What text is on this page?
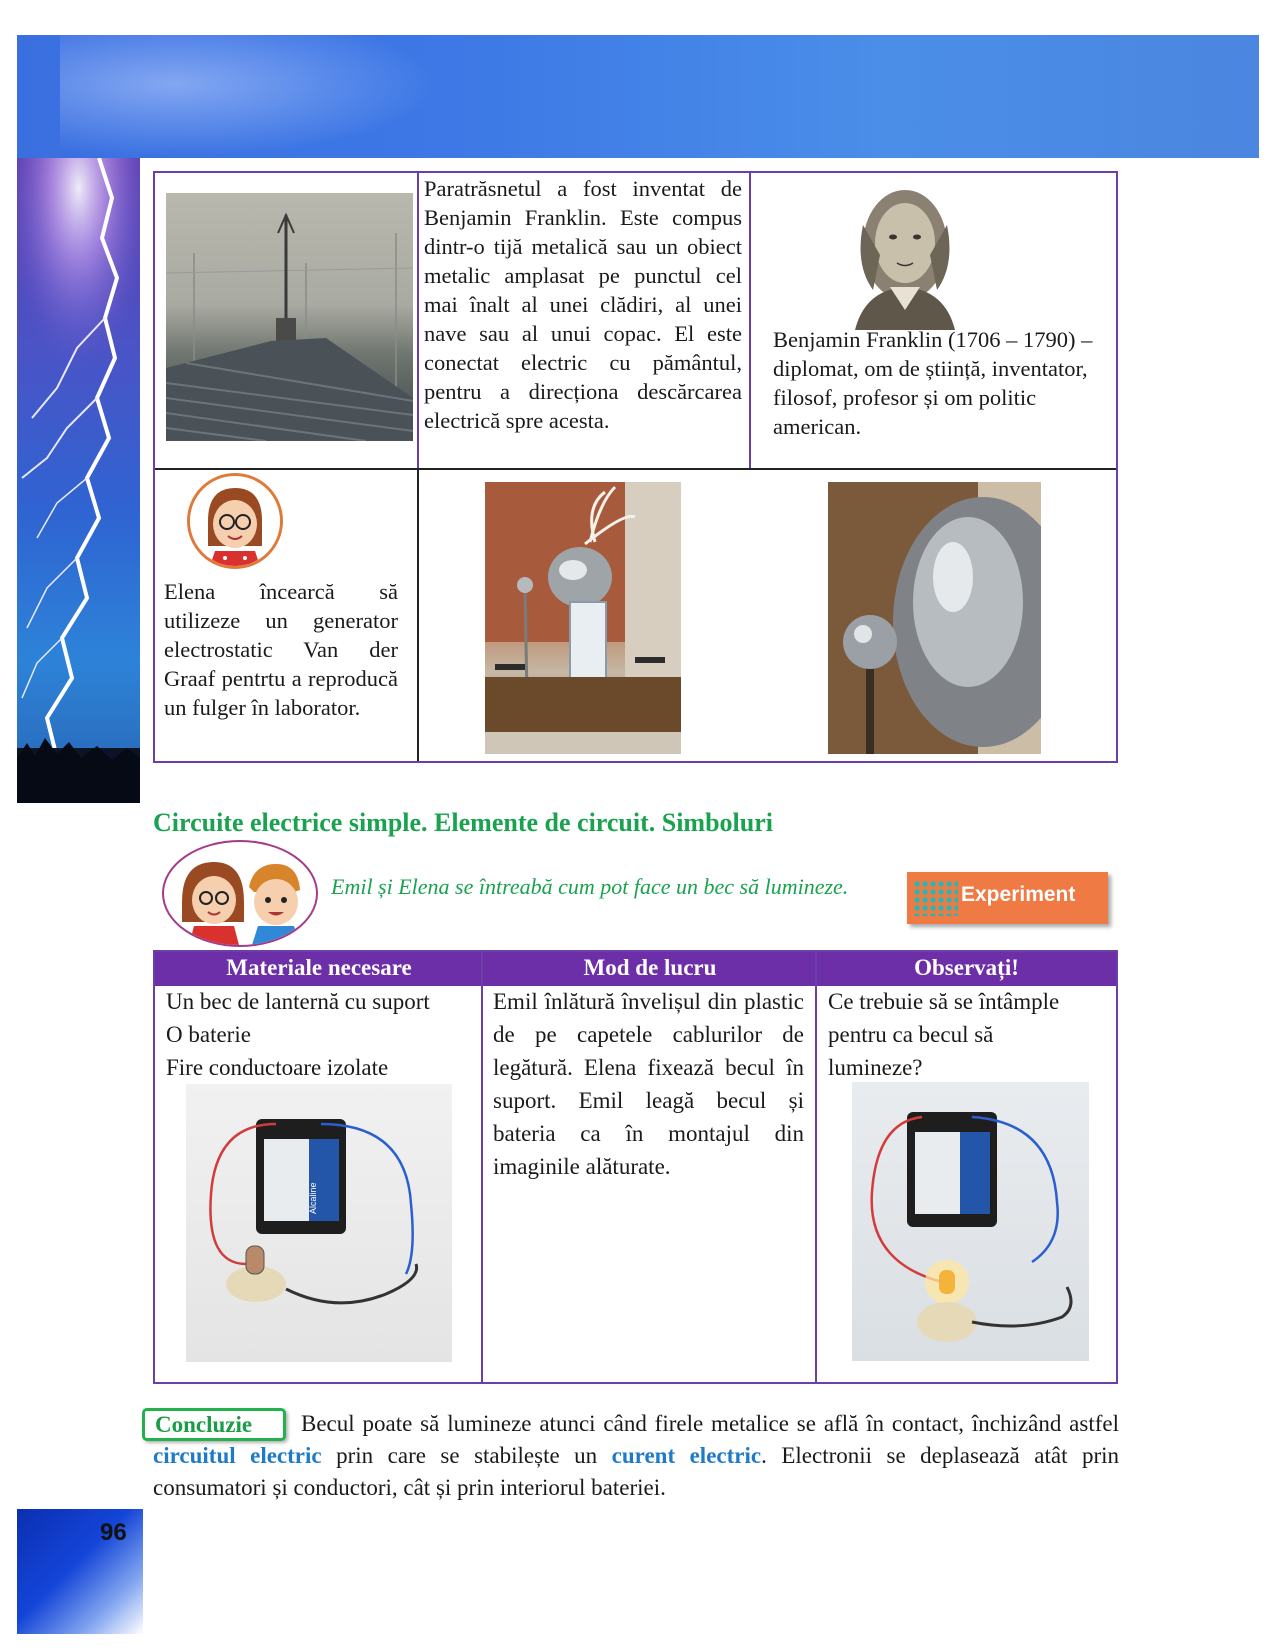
Paratrăsnetul a fost inventat de Benjamin Franklin. Este compus dintr-o tijă metalică sau un obiect metalic amplasat pe punctul cel mai înalt al unei clădiri, al unei nave sau al unui copac. El este conectat electric cu pământul, pentru a direcționa descărcarea electrică spre acesta.
Benjamin Franklin (1706 – 1790) – diplomat, om de știință, inventator, filosof, profesor și om politic american.
Elena încearcă să utilizeze un generator electrostatic Van der Graaf pentrtu a reproducă un fulger în laborator.
Circuite electrice simple. Elemente de circuit. Simboluri
Emil și Elena se întreabă cum pot face un bec să lumineze.	Experiment
Materiale necesare	Mod de lucru	Observați!
Un bec de lanternă cu suport
O baterie
Fire conductoare izolate
Alcaline
Emil înlătură învelișul din plastic de pe capetele cablurilor de legătură. Elena fixează becul în suport. Emil leagă becul și bateria ca în montajul din imaginile alăturate.
Ce trebuie să se întâmple pentru ca becul să lumineze?
Becul poate să lumineze atunci când firele metalice se află în contact, închizând astfel circuitul electric prin care se stabilește un curent electric. Electronii se deplasează atât prin consumatori și conductori, cât și prin interiorul bateriei.
Concluzie
96
